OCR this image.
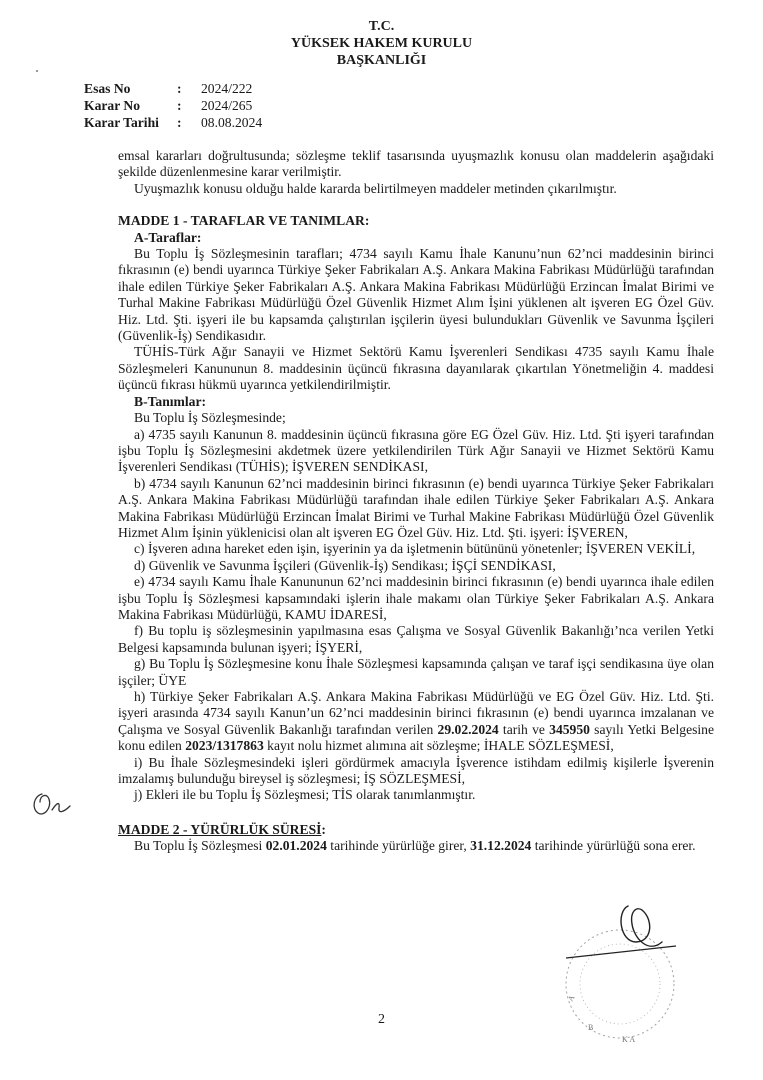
T.C.
YÜKSEK HAKEM KURULU
BAŞKANLIĞI
Esas No	:	2024/222
Karar No	:	2024/265
Karar Tarihi	:	08.08.2024

emsal kararları doğrultusunda; sözleşme teklif tasarısında uyuşmazlık konusu olan maddelerin aşağıdaki şekilde düzenlenmesine karar verilmiştir.

Uyuşmazlık konusu olduğu halde kararda belirtilmeyen maddeler metinden çıkarılmıştır.

MADDE 1 - TARAFLAR VE TANIMLAR:

A-Taraflar:

Bu Toplu İş Sözleşmesinin tarafları; 4734 sayılı Kamu İhale Kanunu’nun 62’nci maddesinin birinci fıkrasının (e) bendi uyarınca Türkiye Şeker Fabrikaları A.Ş. Ankara Makina Fabrikası Müdürlüğü tarafından ihale edilen Türkiye Şeker Fabrikaları A.Ş. Ankara Makina Fabrikası Müdürlüğü Erzincan İmalat Birimi ve Turhal Makine Fabrikası Müdürlüğü Özel Güvenlik Hizmet Alım İşini yüklenen alt işveren EG Özel Güv. Hiz. Ltd. Şti. işyeri ile bu kapsamda çalıştırılan işçilerin üyesi bulundukları Güvenlik ve Savunma İşçileri (Güvenlik-İş) Sendikasıdır.

TÜHİS-Türk Ağır Sanayii ve Hizmet Sektörü Kamu İşverenleri Sendikası 4735 sayılı Kamu İhale Sözleşmeleri Kanununun 8. maddesinin üçüncü fıkrasına dayanılarak çıkartılan Yönetmeliğin 4. maddesi üçüncü fıkrası hükmü uyarınca yetkilendirilmiştir.

B-Tanımlar:

Bu Toplu İş Sözleşmesinde;

a) 4735 sayılı Kanunun 8. maddesinin üçüncü fıkrasına göre EG Özel Güv. Hiz. Ltd. Şti işyeri tarafından işbu Toplu İş Sözleşmesini akdetmek üzere yetkilendirilen Türk Ağır Sanayii ve Hizmet Sektörü Kamu İşverenleri Sendikası (TÜHİS); İŞVEREN SENDİKASI,

b) 4734 sayılı Kanunun 62’nci maddesinin birinci fıkrasının (e) bendi uyarınca Türkiye Şeker Fabrikaları A.Ş. Ankara Makina Fabrikası Müdürlüğü tarafından ihale edilen Türkiye Şeker Fabrikaları A.Ş. Ankara Makina Fabrikası Müdürlüğü Erzincan İmalat Birimi ve Turhal Makine Fabrikası Müdürlüğü Özel Güvenlik Hizmet Alım İşinin yüklenicisi olan alt işveren EG Özel Güv. Hiz. Ltd. Şti. işyeri: İŞVEREN,

c) İşveren adına hareket eden işin, işyerinin ya da işletmenin bütününü yönetenler; İŞVEREN VEKİLİ,

d) Güvenlik ve Savunma İşçileri (Güvenlik-İş) Sendikası; İŞÇİ SENDİKASI,

e) 4734 sayılı Kamu İhale Kanununun 62’nci maddesinin birinci fıkrasının (e) bendi uyarınca ihale edilen işbu Toplu İş Sözleşmesi kapsamındaki işlerin ihale makamı olan Türkiye Şeker Fabrikaları A.Ş. Ankara Makina Fabrikası Müdürlüğü, KAMU İDARESİ,

f) Bu toplu iş sözleşmesinin yapılmasına esas Çalışma ve Sosyal Güvenlik Bakanlığı’nca verilen Yetki Belgesi kapsamında bulunan işyeri; İŞYERİ,

g) Bu Toplu İş Sözleşmesine konu İhale Sözleşmesi kapsamında çalışan ve taraf işçi sendikasına üye olan işçiler; ÜYE

h) Türkiye Şeker Fabrikaları A.Ş. Ankara Makina Fabrikası Müdürlüğü ve EG Özel Güv. Hiz. Ltd. Şti. işyeri arasında 4734 sayılı Kanun’un 62’nci maddesinin birinci fıkrasının (e) bendi uyarınca imzalanan ve Çalışma ve Sosyal Güvenlik Bakanlığı tarafından verilen 29.02.2024 tarih ve 345950 sayılı Yetki Belgesine konu edilen 2023/1317863 kayıt nolu hizmet alımına ait sözleşme; İHALE SÖZLEŞMESİ,

i) Bu İhale Sözleşmesindeki işleri gördürmek amacıyla İşverence istihdam edilmiş kişilerle İşverenin imzalamış bulunduğu bireysel iş sözleşmesi; İŞ SÖZLEŞMESİ,

j) Ekleri ile bu Toplu İş Sözleşmesi; TİS olarak tanımlanmıştır.

MADDE 2 - YÜRÜRLÜK SÜRESİ:

Bu Toplu İş Sözleşmesi 02.01.2024 tarihinde yürürlüğe girer, 31.12.2024 tarihinde yürürlüğü sona erer.

A
B
K A
2
